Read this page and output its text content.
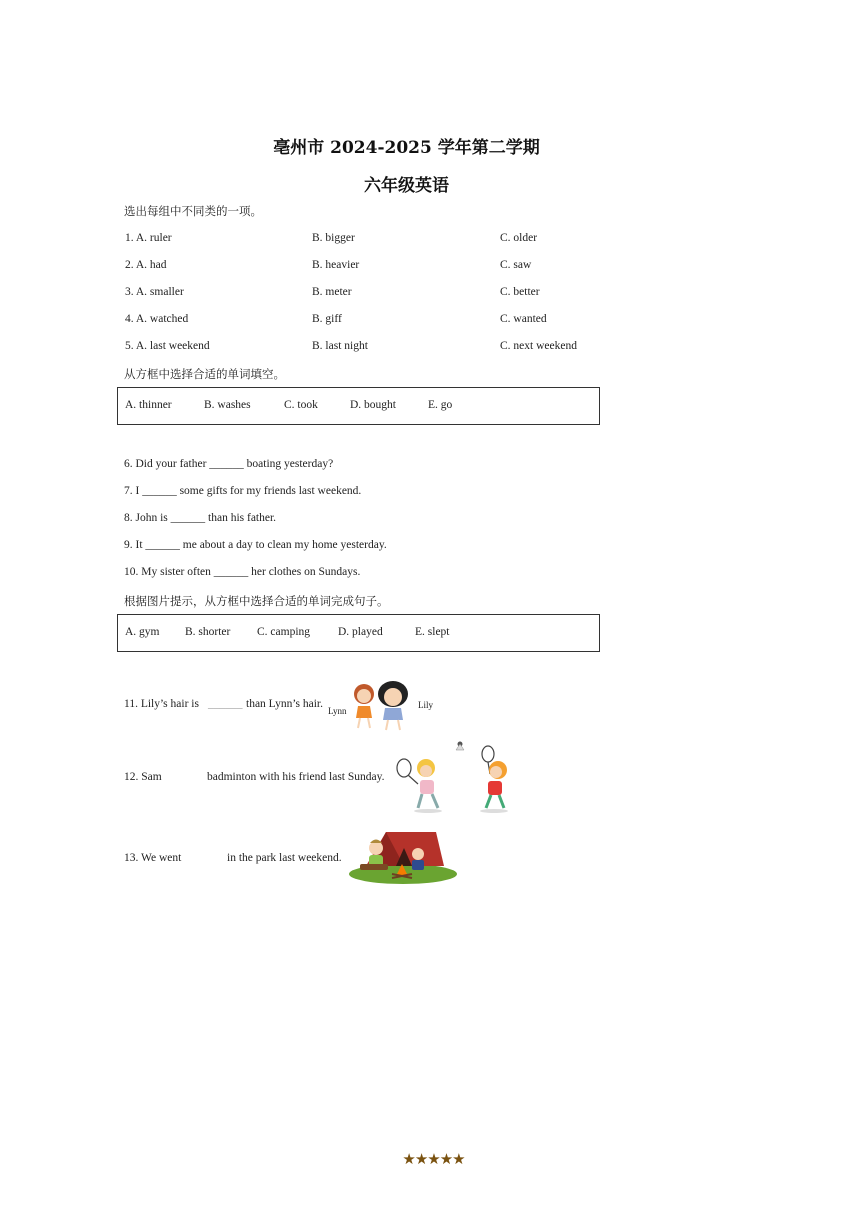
亳州市 2024-2025 学年第二学期
六年级英语
选出每组中不同类的一项。
1. A. ruler	B. bigger	C. older
2. A. had	B. heavier	C. saw
3. A. smaller	B. meter	C. better
4. A. watched	B. giff	C. wanted
5. A. last weekend	B. last night	C. next weekend
从方框中选择合适的单词填空。
A. thinner	B. washes	C. took	D. bought	E. go
6. Did your father ______ boating yesterday?
7. I ______ some gifts for my friends last weekend.
8. John is ______ than his father.
9. It ______ me about a day to clean my home yesterday.
10. My sister often ______ her clothes on Sundays.
根据图片提示，从方框中选择合适的单词完成句子。
A. gym B. shorter C. camping D. played	E. slept
11. Lily’s hair is ______ than Lynn’s hair.
Lynn
Lily
12. Sam	badminton with his friend last Sunday.
13. We went	in the park last weekend.
★★★★★
